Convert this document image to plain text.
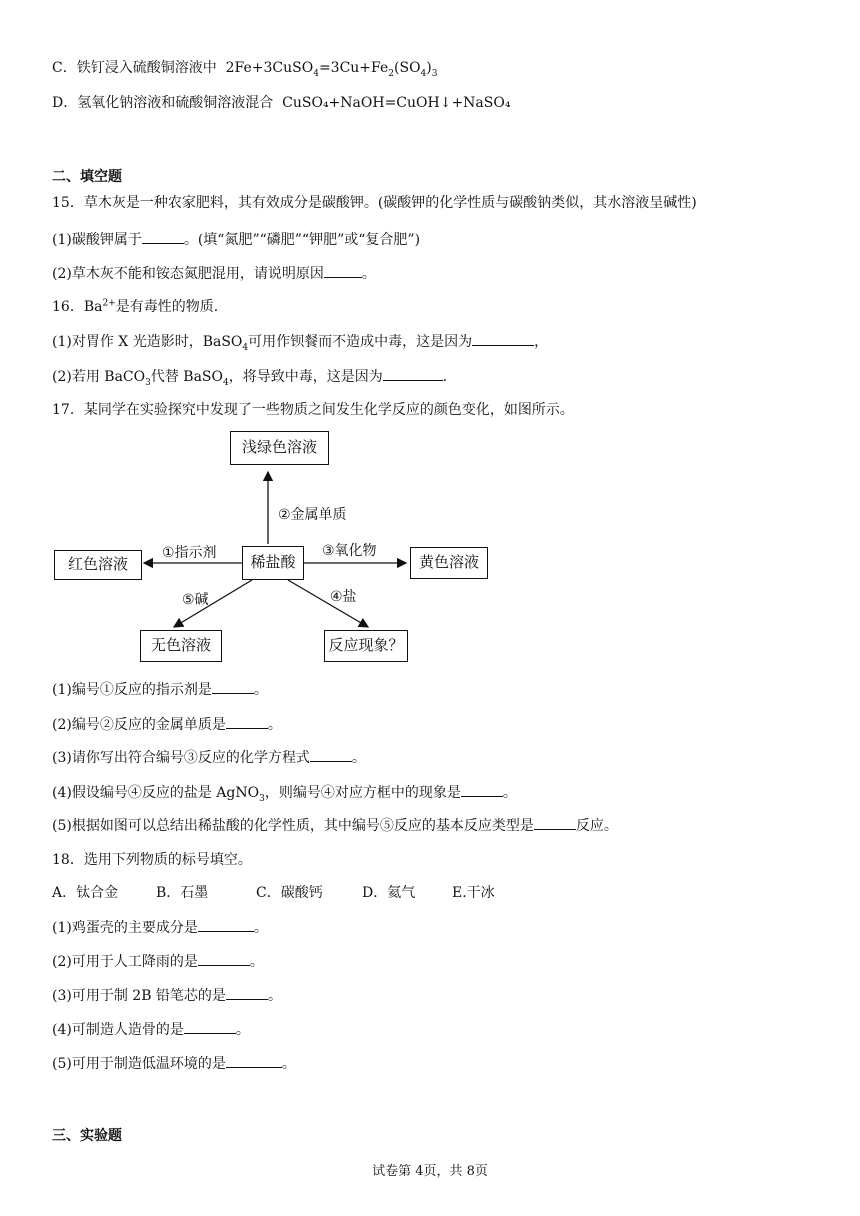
C．铁钉浸入硫酸铜溶液中 $2Fe+3CuSO_4=3Cu+Fe_2(SO_4)_3$
D．氢氧化钠溶液和硫酸铜溶液混合 CuSO₄+NaOH=CuOH↓+NaSO₄
二、填空题
15．草木灰是一种农家肥料，其有效成分是碳酸钾。(碳酸钾的化学性质与碳酸钠类似，其水溶液呈碱性)
(1)碳酸钾属于	。(填“氮肥”“磷肥”“钾肥”或“复合肥”)
(2)草木灰不能和铵态氮肥混用，请说明原因	。
16．$Ba^{2+}$是有毒性的物质．
(1)对胃作 X 光造影时，BaSO$_4$可用作钡餐而不造成中毒，这是因为	，
(2)若用 BaCO$_3$代替 BaSO$_4$，将导致中毒，这是因为	.
17．某同学在实验探究中发现了一些物质之间发生化学反应的颜色变化，如图所示。
浅绿色溶液
稀盐酸
红色溶液	黄色溶液
无色溶液	反应现象？
②金属单质
①指示剂	③氧化物
⑤碱	④盐
(1)编号①反应的指示剂是	。
(2)编号②反应的金属单质是	。
(3)请你写出符合编号③反应的化学方程式	。
(4)假设编号④反应的盐是 AgNO$_3$，则编号④对应方框中的现象是	。
(5)根据如图可以总结出稀盐酸的化学性质，其中编号⑤反应的基本反应类型是	反应。
18．选用下列物质的标号填空。
A．钛合金	B．石墨	C．碳酸钙	D．氦气	E.干冰
(1)鸡蛋壳的主要成分是	。
(2)可用于人工降雨的是	。
(3)可用于制 2B 铅笔芯的是	。
(4)可制造人造骨的是	。
(5)可用于制造低温环境的是	。
三、实验题
试卷第 4页，共 8页
